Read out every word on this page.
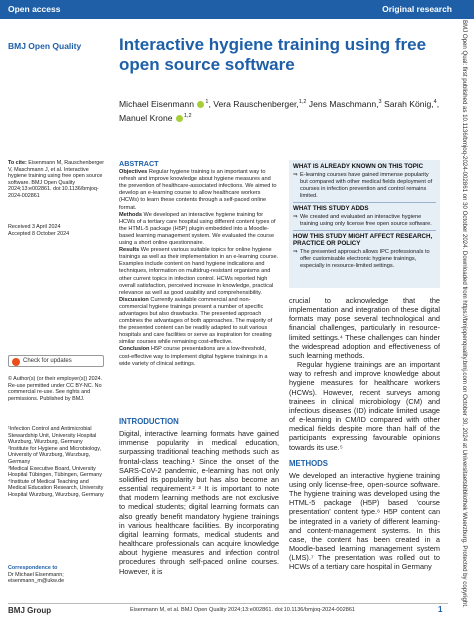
Open access	Original research
BMJ Open Quality Interactive hygiene training using free open source software
Michael Eisenmann $^1$, Vera Rauschenberger,$^{1,2}$ Jens Maschmann,$^3$ Sarah König,$^4$,
Manuel Krone $^{1,2}$
To cite: Eisenmann M, Rauschenberger V, Maschmann J, et al. Interactive hygiene training using free open source software. BMJ Open Quality 2024;13:e002861. doi:10.1136/bmjoq-2024-002861
Received 3 April 2024
Accepted 8 October 2024
Check for updates
© Author(s) (or their employer(s)) 2024. Re-use permitted under CC BY-NC. No commercial re-use. See rights and permissions. Published by BMJ.
¹Infection Control and Antimicrobial Stewardship Unit, University Hospital Wurzburg, Wurzburg, Germany
²Institute for Hygiene and Microbiology, University of Wurzburg, Wurzburg, Germany
³Medical Executive Board, University Hospital Tübingen, Tübingen, Germany
⁴Institute of Medical Teaching and Medical Education Research, University Hospital Wurzburg, Wurzburg, Germany
Correspondence to
Dr Michael Eisenmann;
eisenmann_m@ukw.de
ABSTRACT

Objectives Regular hygiene training is an important way to refresh and improve knowledge about hygiene measures and the prevention of healthcare-associated infections. We aimed to develop an e-learning course to allow healthcare workers (HCWs) to learn these contents through a self-paced online format.

Methods We developed an interactive hygiene training for HCWs of a tertiary care hospital using different content types of the HTML-5 package (H5P) plugin embedded into a Moodle-based learning management system. We evaluated the course using a short online questionnaire.

Results We present various suitable topics for online hygiene trainings as well as their implementation in an e-learning course. Examples include content on hand hygiene indications and techniques, information on multidrug-resistant organisms and other current topics in infection control. HCWs reported high overall satisfaction, perceived increase in knowledge, practical relevance as well as good usability and comprehensibility.

Discussion Currently available commercial and non-commercial hygiene trainings present a number of specific advantages but also drawbacks. The presented approach combines the advantages of both approaches. The majority of the presented content can be readily adapted to suit various hospitals and care facilities or serve as inspiration for creating similar courses while remaining cost-effective.

Conclusion H5P course presentations are a low-threshold, cost-effective way to implement digital hygiene trainings in a wide variety of clinical settings.

WHAT IS ALREADY KNOWN ON THIS TOPIC
⇒ E-learning courses have gained immense popularity but compared with other medical fields deployment of courses in infection prevention and control remains limited.
WHAT THIS STUDY ADDS
⇒ We created and evaluated an interactive hygiene training using only license free open source software.
HOW THIS STUDY MIGHT AFFECT RESEARCH, PRACTICE OR POLICY
⇒ The presented approach allows IPC professionals to offer customisable electronic hygiene trainings, especially in resource-limited settings.
INTRODUCTION
Digital, interactive learning formats have gained immense popularity in medical education, surpassing traditional teaching methods such as frontal-class teaching.¹ Since the onset of the SARS-CoV-2 pandemic, e-learning has not only solidified its popularity but has also become an essential requirement.² ³ It is important to note that modern learning methods are not exclusive to medical students; digital learning formats can also greatly benefit mandatory hygiene trainings in various healthcare facilities. By incorporating digital learning formats, medical students and healthcare professionals can acquire knowledge about hygiene measures and infection control procedures through self-paced online courses. However, it is
crucial to acknowledge that the implementation and integration of these digital formats may pose several technological and financial challenges, particularly in resource-limited settings.⁴ These challenges can hinder the widespread adoption and effectiveness of such learning methods.
Regular hygiene trainings are an important way to refresh and improve knowledge about hygiene measures for healthcare workers (HCWs). However, recent surveys among trainees in clinical microbiology (CM) and infectious diseases (ID) indicate limited usage of e-learning in CM/ID compared with other medical fields despite more than half of the participants expressing favourable opinions towards its use.⁵
METHODS
We developed an interactive hygiene training using only license-free, open-source software. The hygiene training was developed using the HTML-5 package (H5P) based ‘course presentation’ content type.⁶ H5P content can be integrated in a variety of different learning- and content-management systems. In this case, the content has been created in a Moodle-based learning management system (LMS).⁷ The presentation was rolled out to HCWs of a tertiary care hospital in Germany	BMJ Open Qual: first published as 10.1136/bmjoq-2024-002861 on 30 October 2024. Downloaded from https://bmjopenquality.bmj.com on October 30, 2024 at Universitaetsbibliothek Wuerzburg. Protected by copyright.
BMJ Group	Eisenmann M, et al. BMJ Open Quality 2024;13:e002861. doi:10.1136/bmjoq-2024-002861	1
